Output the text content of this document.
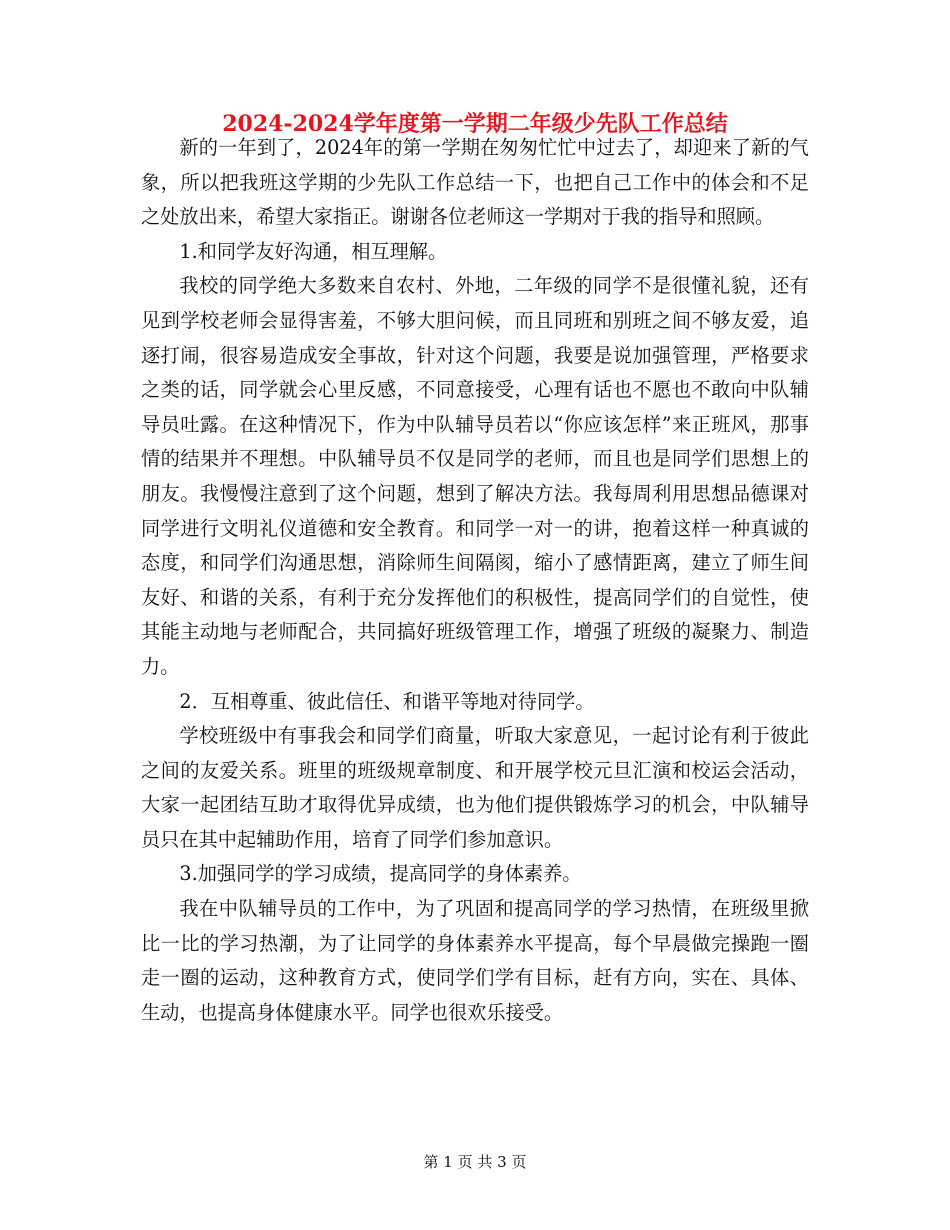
2024-2024学年度第一学期二年级少先队工作总结

新的一年到了，2024年的第一学期在匆匆忙忙中过去了，却迎来了新的气象，所以把我班这学期的少先队工作总结一下，也把自己工作中的体会和不足之处放出来，希望大家指正。谢谢各位老师这一学期对于我的指导和照顾。

1.和同学友好沟通，相互理解。

我校的同学绝大多数来自农村、外地，二年级的同学不是很懂礼貌，还有见到学校老师会显得害羞，不够大胆问候，而且同班和别班之间不够友爱，追逐打闹，很容易造成安全事故，针对这个问题，我要是说加强管理，严格要求之类的话，同学就会心里反感，不同意接受，心理有话也不愿也不敢向中队辅导员吐露。在这种情况下，作为中队辅导员若以“你应该怎样”来正班风，那事情的结果并不理想。中队辅导员不仅是同学的老师，而且也是同学们思想上的朋友。我慢慢注意到了这个问题，想到了解决方法。我每周利用思想品德课对同学进行文明礼仪道德和安全教育。和同学一对一的讲，抱着这样一种真诚的态度，和同学们沟通思想，消除师生间隔阂，缩小了感情距离，建立了师生间友好、和谐的关系，有利于充分发挥他们的积极性，提高同学们的自觉性，使其能主动地与老师配合，共同搞好班级管理工作，增强了班级的凝聚力、制造力。

2．互相尊重、彼此信任、和谐平等地对待同学。

学校班级中有事我会和同学们商量，听取大家意见，一起讨论有利于彼此之间的友爱关系。班里的班级规章制度、和开展学校元旦汇演和校运会活动，大家一起团结互助才取得优异成绩，也为他们提供锻炼学习的机会，中队辅导员只在其中起辅助作用，培育了同学们参加意识。

3.加强同学的学习成绩，提高同学的身体素养。

我在中队辅导员的工作中，为了巩固和提高同学的学习热情，在班级里掀比一比的学习热潮，为了让同学的身体素养水平提高，每个早晨做完操跑一圈走一圈的运动，这种教育方式，使同学们学有目标，赶有方向，实在、具体、生动，也提高身体健康水平。同学也很欢乐接受。

第 1 页 共 3 页
